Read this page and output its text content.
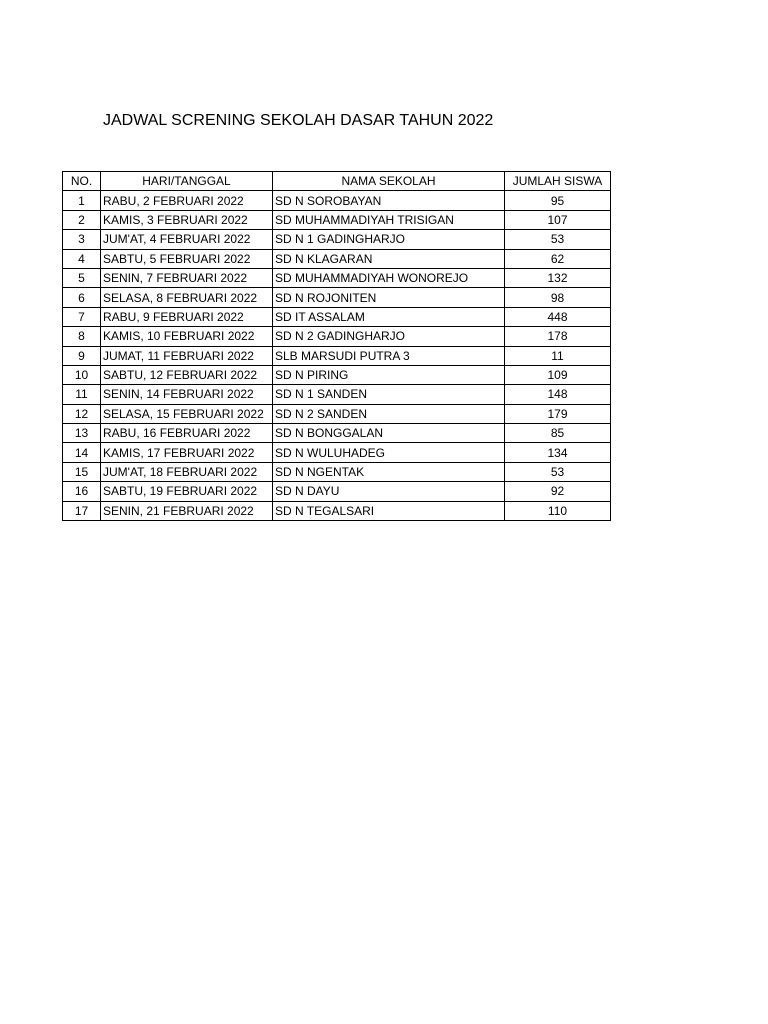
JADWAL SCRENING SEKOLAH DASAR TAHUN 2022
NO.	HARI/TANGGAL	NAMA SEKOLAH	JUMLAH SISWA
1	RABU, 2 FEBRUARI 2022	SD N SOROBAYAN	95
2	KAMIS, 3 FEBRUARI 2022	SD MUHAMMADIYAH TRISIGAN	107
3	JUM'AT, 4 FEBRUARI 2022	SD N 1 GADINGHARJO	53
4	SABTU, 5 FEBRUARI 2022	SD N KLAGARAN	62
5	SENIN, 7 FEBRUARI 2022	SD MUHAMMADIYAH WONOREJO	132
6	SELASA, 8 FEBRUARI 2022	SD N ROJONITEN	98
7	RABU, 9 FEBRUARI 2022	SD IT ASSALAM	448
8	KAMIS, 10 FEBRUARI 2022	SD N 2 GADINGHARJO	178
9	JUMAT, 11 FEBRUARI 2022	SLB MARSUDI PUTRA 3	11
10	SABTU, 12 FEBRUARI 2022	SD N PIRING	109
11	SENIN, 14 FEBRUARI 2022	SD N 1 SANDEN	148
12	SELASA, 15 FEBRUARI 2022	SD N 2 SANDEN	179
13	RABU, 16 FEBRUARI 2022	SD N BONGGALAN	85
14	KAMIS, 17 FEBRUARI 2022	SD N WULUHADEG	134
15	JUM'AT, 18 FEBRUARI 2022	SD N NGENTAK	53
16	SABTU, 19 FEBRUARI 2022	SD N DAYU	92
17	SENIN, 21 FEBRUARI 2022	SD N TEGALSARI	110
